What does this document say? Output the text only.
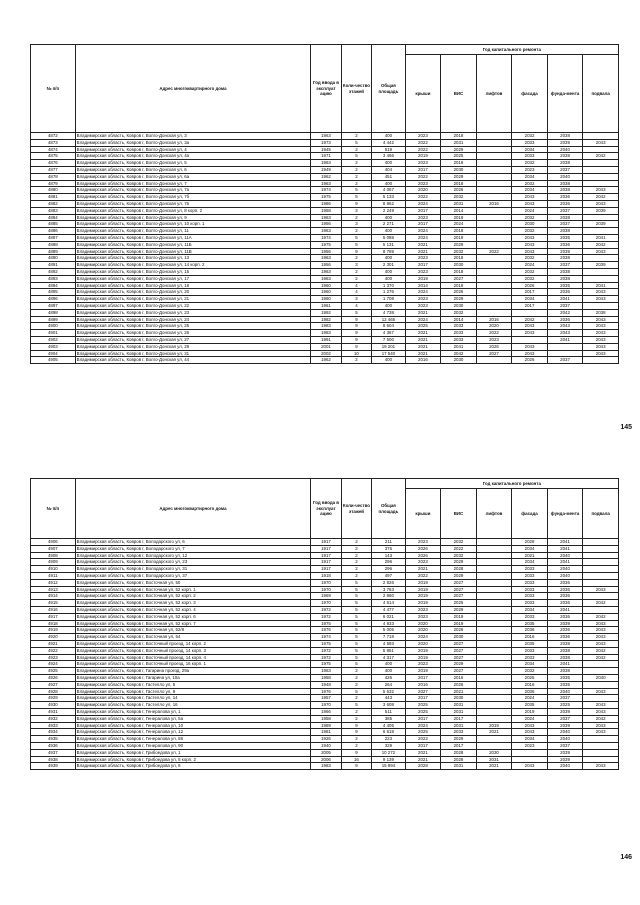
№ п/п	Адрес многоквартирного дома	Год ввода в эксплуат ацию	Коли-чество этажей	Общая площадь	Год капитального ремонта					
					крыши	ВИС	лифтов	фасада	фунда-мента	подвала
4872	Владимирская область, Ковров г, Волго-Донская ул, 3	1963	2	400	2023	2018		2032	2038	
4873	Владимирская область, Ковров г, Волго-Донская ул, 3а	1973	5	4 442	2022	2031		2033	2039	2043
4874	Владимирская область, Ковров г, Волго-Донская ул, 4	1945	2	519	2022	2029		2034	2040	
4875	Владимирская область, Ковров г, Волго-Донская ул, 4а	1971	5	3 466	2019	2025		2033	2038	2042
4876	Владимирская область, Ковров г, Волго-Донская ул, 5	1963	2	400	2023	2018		2032	2038	
4877	Владимирская область, Ковров г, Волго-Донская ул, 6	1949	2	404	2017	2030		2023	2037	
4878	Владимирская область, Ковров г, Волго-Донская ул, 6а	1962	2	451	2022	2029		2034	2040	
4879	Владимирская область, Ковров г, Волго-Донская ул, 7	1963	2	400	2023	2018		2032	2038	
4880	Владимирская область, Ковров г, Волго-Донская ул, 7а	1974	5	4 067	2020	2026		2034	2038	2043
4881	Владимирская область, Ковров г, Волго-Донская ул, 7б	1975	5	5 133	2022	2032		2043	2036	2042
4882	Владимирская область, Ковров г, Волго-Донская ул, 7в	1986	9	8 862	2024	2031	2016	2043	2036	2043
4883	Владимирская область, Ковров г, Волго-Донская ул, 8 корп. 2	1958	3	2 249	2017	2014		2024	2037	2039
4884	Владимирская область, Ковров г, Волго-Донская ул, 9	1963	2	400	2023	2018		2032	2038	
4885	Владимирская область, Ковров г, Волго-Донская ул, 10 корп. 1	1956	3	2 271	2017	2024		2030	2037	2039
4886	Владимирская область, Ковров г, Волго-Донская ул, 11	1963	2	400	2024	2018		2032	2038	
4887	Владимирская область, Ковров г, Волго-Донская ул, 11А	1974	5	5 088	2024	2019		2043	2035	2041
4888	Владимирская область, Ковров г, Волго-Донская ул, 11Б	1975	5	5 131	2021	2029		2043	2036	2042
4889	Владимирская область, Ковров г, Волго-Донская ул, 11В	1956	9	8 789	2021	2032	2022	2043	2039	2043
4890	Владимирская область, Ковров г, Волго-Донская ул, 13	1963	2	400	2023	2018		2032	2038	
4891	Владимирская область, Ковров г, Волго-Донская ул, 14 корп. 2	1956	3	2 301	2017	2030		2024	2037	2039
4892	Владимирская область, Ковров г, Волго-Донская ул, 15	1963	2	400	2023	2018		2032	2038	
4893	Владимирская область, Ковров г, Волго-Донская ул, 17	1963	2	400	2019	2027		2032	2038	
4894	Владимирская область, Ковров г, Волго-Донская ул, 18	1960	4	1 370	2014	2018		2026	2035	2041
4895	Владимирская область, Ковров г, Волго-Донская ул, 20	1960	4	1 276	2024	2026		2017	2036	2043
4896	Владимирская область, Ковров г, Волго-Донская ул, 21	1960	3	1 708	2023	2029		2034	2041	2043
4897	Владимирская область, Ковров г, Волго-Донская ул, 22	1961	4	400	2023	2030		2017	2037	
4898	Владимирская область, Ковров г, Волго-Донская ул, 23	1992	5	4 738	2021	2032			2042	2038
4899	Владимирская область, Ковров г, Волго-Донская ул, 24	1982	9	12 465	2024	2014	2016	2042	2036	2043
4900	Владимирская область, Ковров г, Волго-Донская ул, 25	1983	9	8 604	2025	2033	2020	2043	2043	2043
4901	Владимирская область, Ковров г, Волго-Донская ул, 26	1983	9	4 367	2021	2033	2022	2043	2043	2043
4902	Владимирская область, Ковров г, Волго-Донская ул, 27	1991	9	7 500	2021	2033	2023		2041	2043
4903	Владимирская область, Ковров г, Волго-Донская ул, 29	2001	9	19 201	2021	2041	2026	2043		2043
4904	Владимирская область, Ковров г, Волго-Донская ул, 31	2002	10	17 540	2021	2042	2027	2043		2043
4905	Владимирская область, Ковров г, Волго-Донская ул, 44	1962	2	400	2016	2030		2026	2037	
145
№ п/п	Адрес многоквартирного дома	Год ввода в эксплуат ацию	Коли-чество этажей	Общая площадь	Год капитального ремонта					
					крыши	ВИС	лифтов	фасада	фунда-мента	подвала
4906	Владимирская область, Ковров г, Володарского ул, 6	1917	2	211	2023	2032		2028	2041	
4907	Владимирская область, Ковров г, Володарского ул, 7	1917	2	376	2026	2022		2034	2041	
4908	Владимирская область, Ковров г, Володарского ул, 12	1917	2	143	2026	2032		2021	2040	
4909	Владимирская область, Ковров г, Володарского ул, 23	1917	2	296	2023	2029		2034	2041	
4910	Владимирская область, Ковров г, Володарского ул, 31	1917	2	296	2021	2028		2033	2040	
4911	Владимирская область, Ковров г, Володарского ул, 37	1918	2	497	2022	2029		2033	2040	
4912	Владимирская область, Ковров г, Восточная ул, 50	1970	5	2 826	2019	2027		2033	2036	
4913	Владимирская область, Ковров г, Восточная ул, 52 корп. 1	1970	5	3 763	2019	2027		2033	2036	2043
4914	Владимирская область, Ковров г, Восточная ул, 52 корп. 2	1969	5	2 860	2019	2027		2033	2036	
4915	Владимирская область, Ковров г, Восточная ул, 52 корп. 3	1970	5	4 614	2019	2025		2033	2036	2042
4916	Владимирская область, Ковров г, Восточная ул, 52 корп. 4	1972	5	4 477	2023	2029		2034	2041	
4917	Владимирская область, Ковров г, Восточная ул, 52 корп. 6	1972	5	6 021	2023	2019		2033	2036	2042
4918	Владимирская область, Ковров г, Восточная ул, 52 корп. 7	1975	5	4 933	2020	2019		2035	2039	2043
4919	Владимирская область, Ковров г, Восточная ул, 52/8	1976	5	5 005	2020	2026		2036	2036	2043
4920	Владимирская область, Ковров г, Восточная ул, 54	1974	5	7 718	2024	2030		2016	2036	2043
4921	Владимирская область, Ковров г, Восточный проезд, 14 корп. 2	1975	5	4 593	2020	2027		2035	2038	2043
4922	Владимирская область, Ковров г, Восточный проезд, 14 корп. 3	1972	5	5 851	2019	2027		2033	2038	2042
4923	Владимирская область, Ковров г, Восточный проезд, 14 корп. 4	1972	5	4 317	2019	2027		2033	2038	2042
4924	Владимирская область, Ковров г, Восточный проезд, 16 корп. 1	1975	5	400	2023	2029		2034	2041	
4925	Владимирская область, Ковров г, Гагарина проезд, 29а	1963	2	400	2019	2027		2032	2038	
4926	Владимирская область, Ковров г, Гагарина ул, 10а	1958	2	426	2017	2016		2025	2035	2040
4927	Владимирская область, Ковров г, Гастелло ул, 5	1948	2	264	2016	2026		2016	2035	
4928	Владимирская область, Ковров г, Гастелло ул, 9	1976	5	5 632	2027	2021		2036	2040	2043
4929	Владимирская область, Ковров г, Гастелло ул, 14	1957	2	443	2017	2030		2024	2037	
4930	Владимирская область, Ковров г, Гастелло ул, 16	1970	5	3 608	2025	2031		2035	2025	2043
4931	Владимирская область, Ковров г, Генералова ул, 1	1966	2	511	2025	2031		2019	2039	2043
4932	Владимирская область, Ковров г, Генералова ул, 5а	1958	2	385	2017	2017		2024	2037	2042
4933	Владимирская область, Ковров г, Генералова ул, 10	1989	9	4 405	2024	2031	2019	2043	2039	2043
4934	Владимирская область, Ковров г, Генералова ул, 12	1981	9	6 618	2025	2033	2021	2043	2040	2043
4935	Владимирская область, Ковров г, Генералова ул, 86	1926	2	223	2022	2029		2034	2040	
4936	Владимирская область, Ковров г, Генералова ул, 90	1940	2	329	2017	2017		2023	2037	
4937	Владимирская область, Ковров г, Грибоедова ул, 1	2005	9	10 272	2021	2028	2030		2039	
4938	Владимирская область, Ковров г, Грибоедова ул, 5 корп. 2	2006	16	9 139	2021	2028	2031		2039	
4939	Владимирская область, Ковров г, Грибоедова ул, 6	1983	9	15 894	2028	2031	2021	2043	2040	2043
146
